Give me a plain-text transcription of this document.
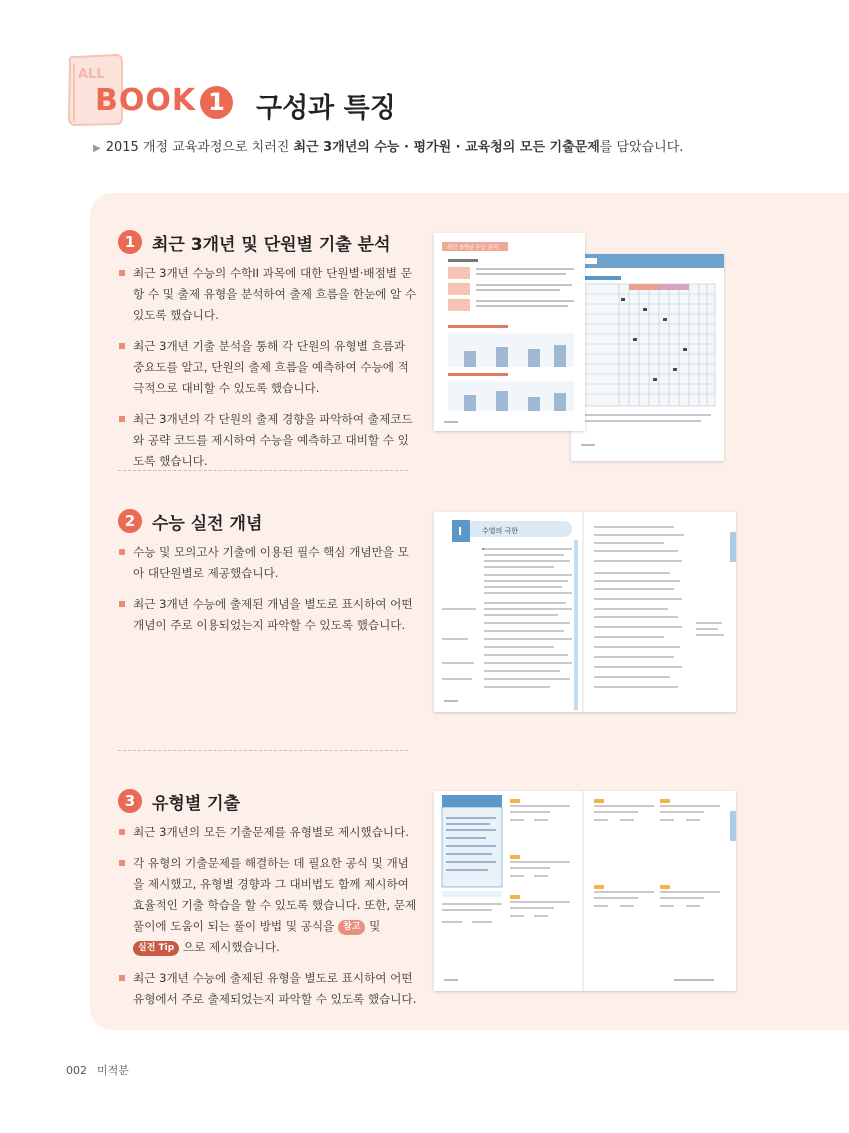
ALL
BOOK 1	구성과 특징
▶ 2015 개정 교육과정으로 치러진 최근 3개년의 수능 · 평가원 · 교육청의 모든 기출문제를 담았습니다.
1 최근 3개년 및 단원별 기출 분석
최근 3개년 수능의 수학II 과목에 대한 단원별·배점별 문항 수 및 출제 유형을 분석하여 출제 흐름을 한눈에 알 수 있도록 했습니다.
최근 3개년 기출 분석을 통해 각 단원의 유형별 흐름과 중요도를 알고, 단원의 출제 흐름을 예측하여 수능에 적극적으로 대비할 수 있도록 했습니다.
최근 3개년의 각 단원의 출제 경향을 파악하여 출제코드와 공략 코드를 제시하여 수능을 예측하고 대비할 수 있도록 했습니다.
2 수능 실전 개념
수능 및 모의고사 기출에 이용된 필수 핵심 개념만을 모아 대단원별로 제공했습니다.
최근 3개년 수능에 출제된 개념을 별도로 표시하여 어떤 개념이 주로 이용되었는지 파악할 수 있도록 했습니다.
3 유형별 기출
최근 3개년의 모든 기출문제를 유형별로 제시했습니다.
각 유형의 기출문제를 해결하는 데 필요한 공식 및 개념을 제시했고, 유형별 경향과 그 대비법도 함께 제시하여 효율적인 기출 학습을 할 수 있도록 했습니다. 또한, 문제 풀이에 도움이 되는 풀이 방법 및 공식을 참고 및 실전 Tip 으로 제시했습니다.
최근 3개년 수능에 출제된 유형을 별도로 표시하여 어떤 유형에서 주로 출제되었는지 파악할 수 있도록 했습니다.
최근 3개년 수능 분석
I	수열의 극한
002 미적분
